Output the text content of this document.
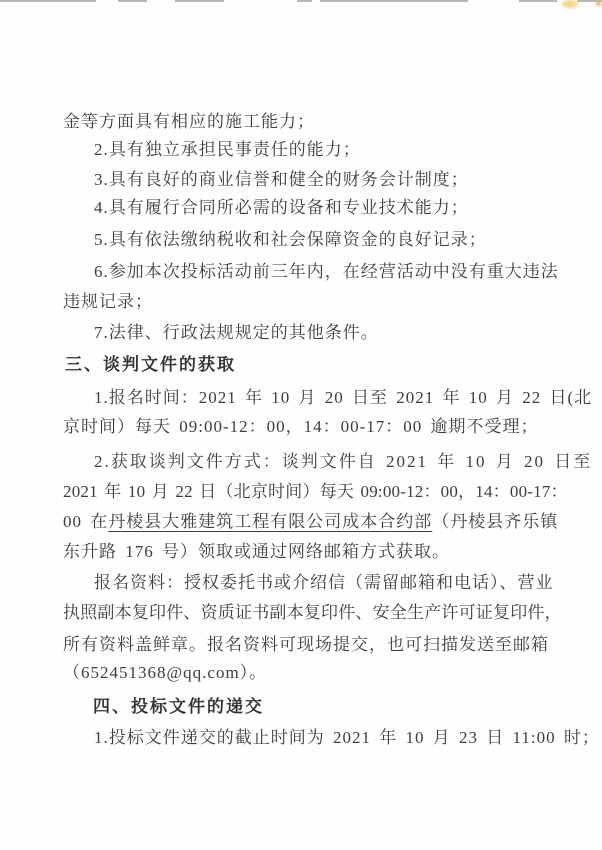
金等方面具有相应的施工能力；
2.具有独立承担民事责任的能力；
3.具有良好的商业信誉和健全的财务会计制度；
4.具有履行合同所必需的设备和专业技术能力；
5.具有依法缴纳税收和社会保障资金的良好记录；
6.参加本次投标活动前三年内，在经营活动中没有重大违法
违规记录；
7.法律、行政法规规定的其他条件。
三、谈判文件的获取
1.报名时间：2021 年 10 月 20 日至 2021 年 10 月 22 日(北
京时间）每天 09:00-12：00，14：00-17：00 逾期不受理；
2.获取谈判文件方式：谈判文件自 2021 年 10 月 20 日至
2021 年 10 月 22 日（北京时间）每天 09:00-12：00，14：00-17：
00 在丹棱县大雅建筑工程有限公司成本合约部（丹棱县齐乐镇
东升路 176 号）领取或通过网络邮箱方式获取。
报名资料：授权委托书或介绍信（需留邮箱和电话）、营业
执照副本复印件、资质证书副本复印件、安全生产许可证复印件，
所有资料盖鲜章。报名资料可现场提交，也可扫描发送至邮箱
（652451368@qq.com）。
四、投标文件的递交
1.投标文件递交的截止时间为 2021 年 10 月 23 日 11:00 时；
